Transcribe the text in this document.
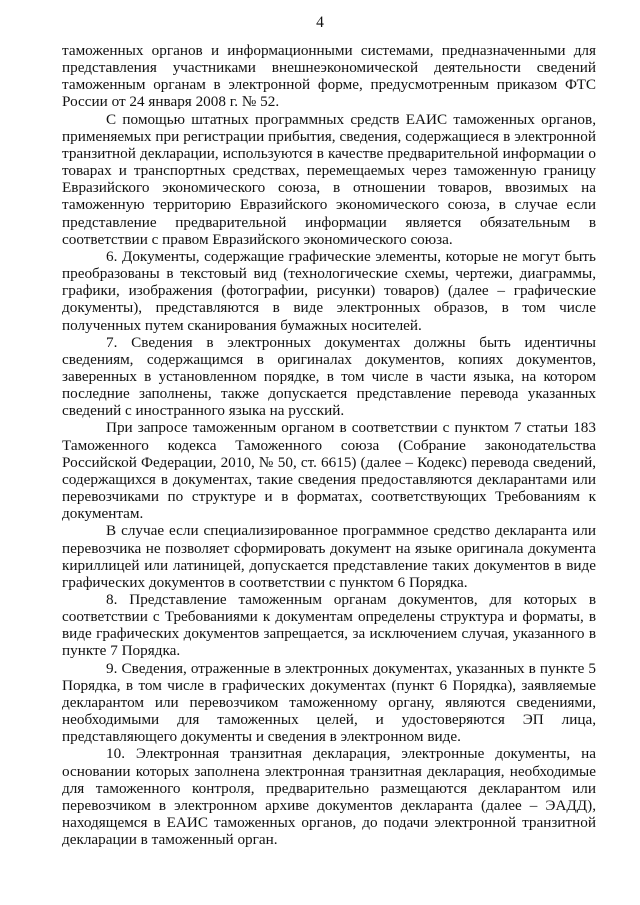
4

таможенных органов и информационными системами, предназначенными для представления участниками внешнеэкономической деятельности сведений таможенным органам в электронной форме, предусмотренным приказом ФТС России от 24 января 2008 г. № 52.

С помощью штатных программных средств ЕАИС таможенных органов, применяемых при регистрации прибытия, сведения, содержащиеся в электронной транзитной декларации, используются в качестве предварительной информации о товарах и транспортных средствах, перемещаемых через таможенную границу Евразийского экономического союза, в отношении товаров, ввозимых на таможенную территорию Евразийского экономического союза, в случае если представление предварительной информации является обязательным в соответствии с правом Евразийского экономического союза.

6. Документы, содержащие графические элементы, которые не могут быть преобразованы в текстовый вид (технологические схемы, чертежи, диаграммы, графики, изображения (фотографии, рисунки) товаров) (далее – графические документы), представляются в виде электронных образов, в том числе полученных путем сканирования бумажных носителей.

7. Сведения в электронных документах должны быть идентичны сведениям, содержащимся в оригиналах документов, копиях документов, заверенных в установленном порядке, в том числе в части языка, на котором последние заполнены, также допускается представление перевода указанных сведений с иностранного языка на русский.

При запросе таможенным органом в соответствии с пунктом 7 статьи 183 Таможенного кодекса Таможенного союза (Собрание законодательства Российской Федерации, 2010, № 50, ст. 6615) (далее – Кодекс) перевода сведений, содержащихся в документах, такие сведения предоставляются декларантами или перевозчиками по структуре и в форматах, соответствующих Требованиям к документам.

В случае если специализированное программное средство декларанта или перевозчика не позволяет сформировать документ на языке оригинала документа кириллицей или латиницей, допускается представление таких документов в виде графических документов в соответствии с пунктом 6 Порядка.

8. Представление таможенным органам документов, для которых в соответствии с Требованиями к документам определены структура и форматы, в виде графических документов запрещается, за исключением случая, указанного в пункте 7 Порядка.

9. Сведения, отраженные в электронных документах, указанных в пункте 5 Порядка, в том числе в графических документах (пункт 6 Порядка), заявляемые декларантом или перевозчиком таможенному органу, являются сведениями, необходимыми для таможенных целей, и удостоверяются ЭП лица, представляющего документы и сведения в электронном виде.

10. Электронная транзитная декларация, электронные документы, на основании которых заполнена электронная транзитная декларация, необходимые для таможенного контроля, предварительно размещаются декларантом или перевозчиком в электронном архиве документов декларанта (далее – ЭАДД), находящемся в ЕАИС таможенных органов, до подачи электронной транзитной декларации в таможенный орган.
